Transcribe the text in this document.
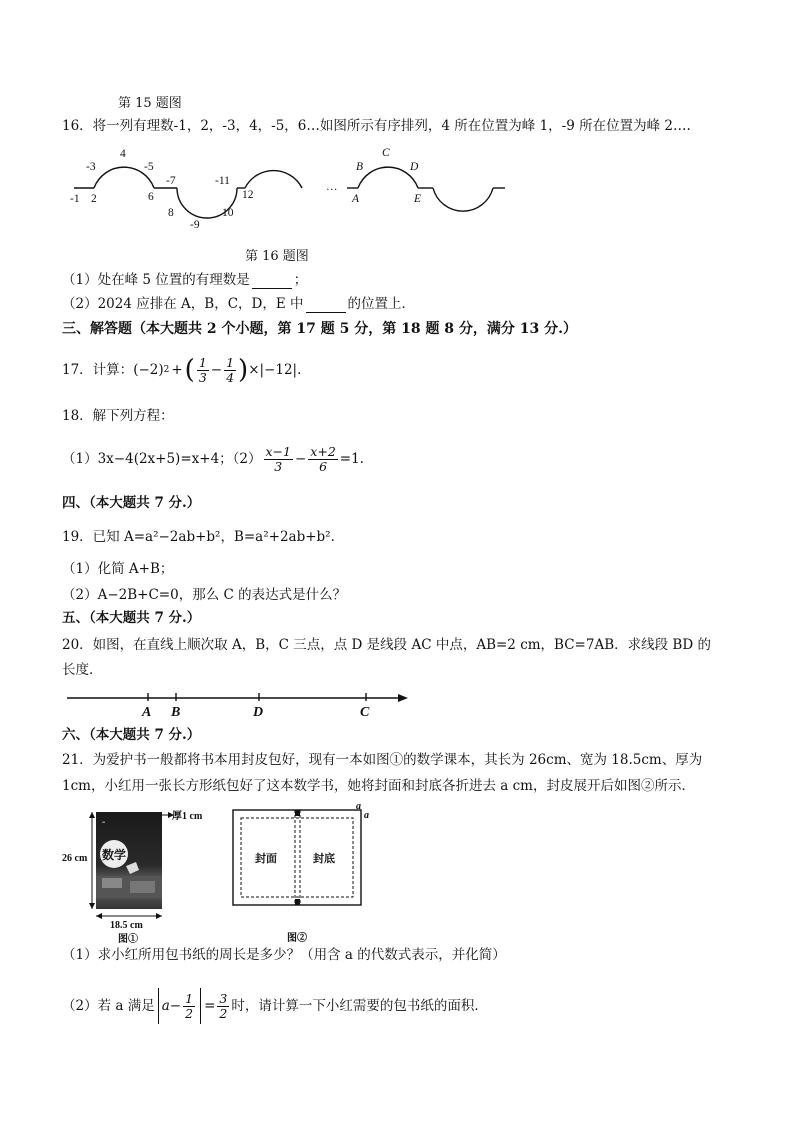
第 15 题图
16．将一列有理数-1，2，-3，4，-5，6…如图所示有序排列，4 所在位置为峰 1，-9 所在位置为峰 2….
-1 2
-3
4
-5
6
-7
8
-9
10
-11
12
…
A
B
C
D
E
第 16 题图
（1）处在峰 5 位置的有理数是	；
（2）2024 应排在 A，B，C，D，E 中	的位置上．
三、解答题（本大题共 2 个小题，第 17 题 5 分，第 18 题 8 分，满分 13 分.）
17．计算： (−2) 2 + ( $\frac{1}{3} - \frac{1}{4}$ ) ×|−12|.
18．解下列方程：
（1）3x−4(2x+5)=x+4；$(2) \frac{x-1}{3} - \frac{x+2}{6} =1$.
四、（本大题共 7 分.）
19．已知 A=a²−2ab+b²，B=a²+2ab+b²．
（1）化简 A+B；
（2）A−2B+C=0，那么 C 的表达式是什么？
五、（本大题共 7 分.）
20．如图，在直线上顺次取 A，B，C 三点，点 D 是线段 AC 中点，AB=2 cm，BC=7AB．求线段 BD 的
长度．
A B	D	C
六、（本大题共 7 分.）
21．为爱护书一般都将书本用封皮包好，现有一本如图①的数学课本，其长为 26cm、宽为 18.5cm、厚为
1cm，小红用一张长方形纸包好了这本数学书，她将封面和封底各折进去 a cm，封皮展开后如图②所示．
数学
≡
厚1 cm
26 cm
18.5 cm
图①
封面	封底
a
a
图②
（1）求小红所用包书纸的周长是多少？（用含 a 的代数式表示，并化简）
（2）若 a 满足 $a- \frac{1}{2} = \frac{3}{2}$ 时，请计算一下小红需要的包书纸的面积．
